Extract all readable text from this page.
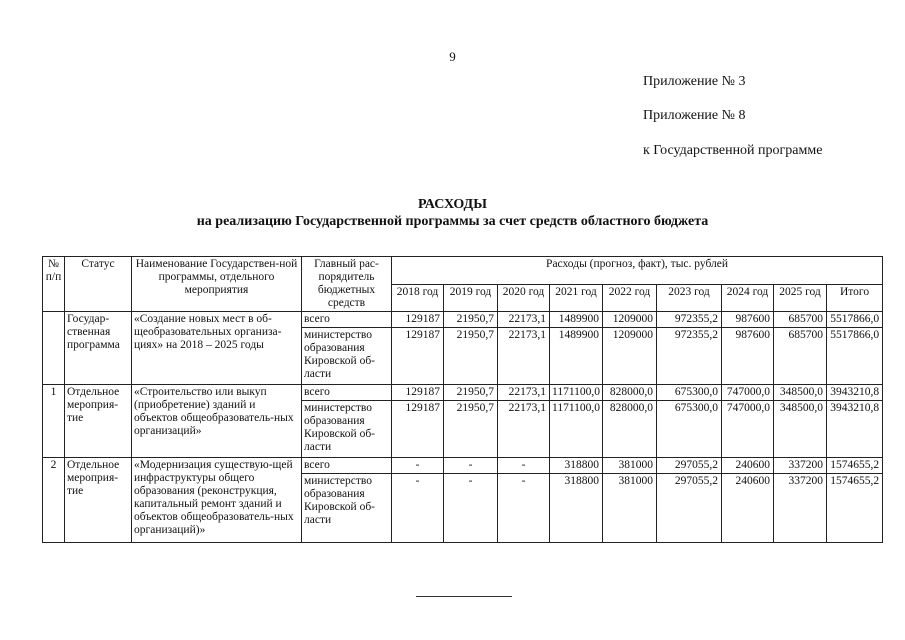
9
Приложение № 3
Приложение № 8
к Государственной программе
РАСХОДЫ
на реализацию Государственной программы за счет средств областного бюджета
№ п/п	Статус	Наименование Государствен-ной программы, отдельного мероприятия	Главный рас-порядитель бюджетных средств	Расходы (прогноз, факт), тыс. рублей								
				2018 год	2019 год	2020 год	2021 год	2022 год	2023 год	2024 год	2025 год	Итого
	Государ-ственная программа	«Создание новых мест в об-щеобразовательных организа-циях» на 2018 – 2025 годы	всего	129187	21950,7	22173,1	1489900	1209000	972355,2	987600	685700	5517866,0
			министерство образования Кировской об-ласти	129187	21950,7	22173,1	1489900	1209000	972355,2	987600	685700	5517866,0
1	Отдельное мероприя-тие	«Строительство или выкуп (приобретение) зданий и объектов общеобразователь-ных организаций»	всего	129187	21950,7	22173,1	1171100,0	828000,0	675300,0	747000,0	348500,0	3943210,8
			министерство образования Кировской об-ласти	129187	21950,7	22173,1	1171100,0	828000,0	675300,0	747000,0	348500,0	3943210,8
2	Отдельное мероприя-тие	«Модернизация существую-щей инфраструктуры общего образования (реконструкция, капитальный ремонт зданий и объектов общеобразователь-ных организаций)»	всего	-	-	-	318800	381000	297055,2	240600	337200	1574655,2
			министерство образования Кировской об-ласти	-	-	-	318800	381000	297055,2	240600	337200	1574655,2
